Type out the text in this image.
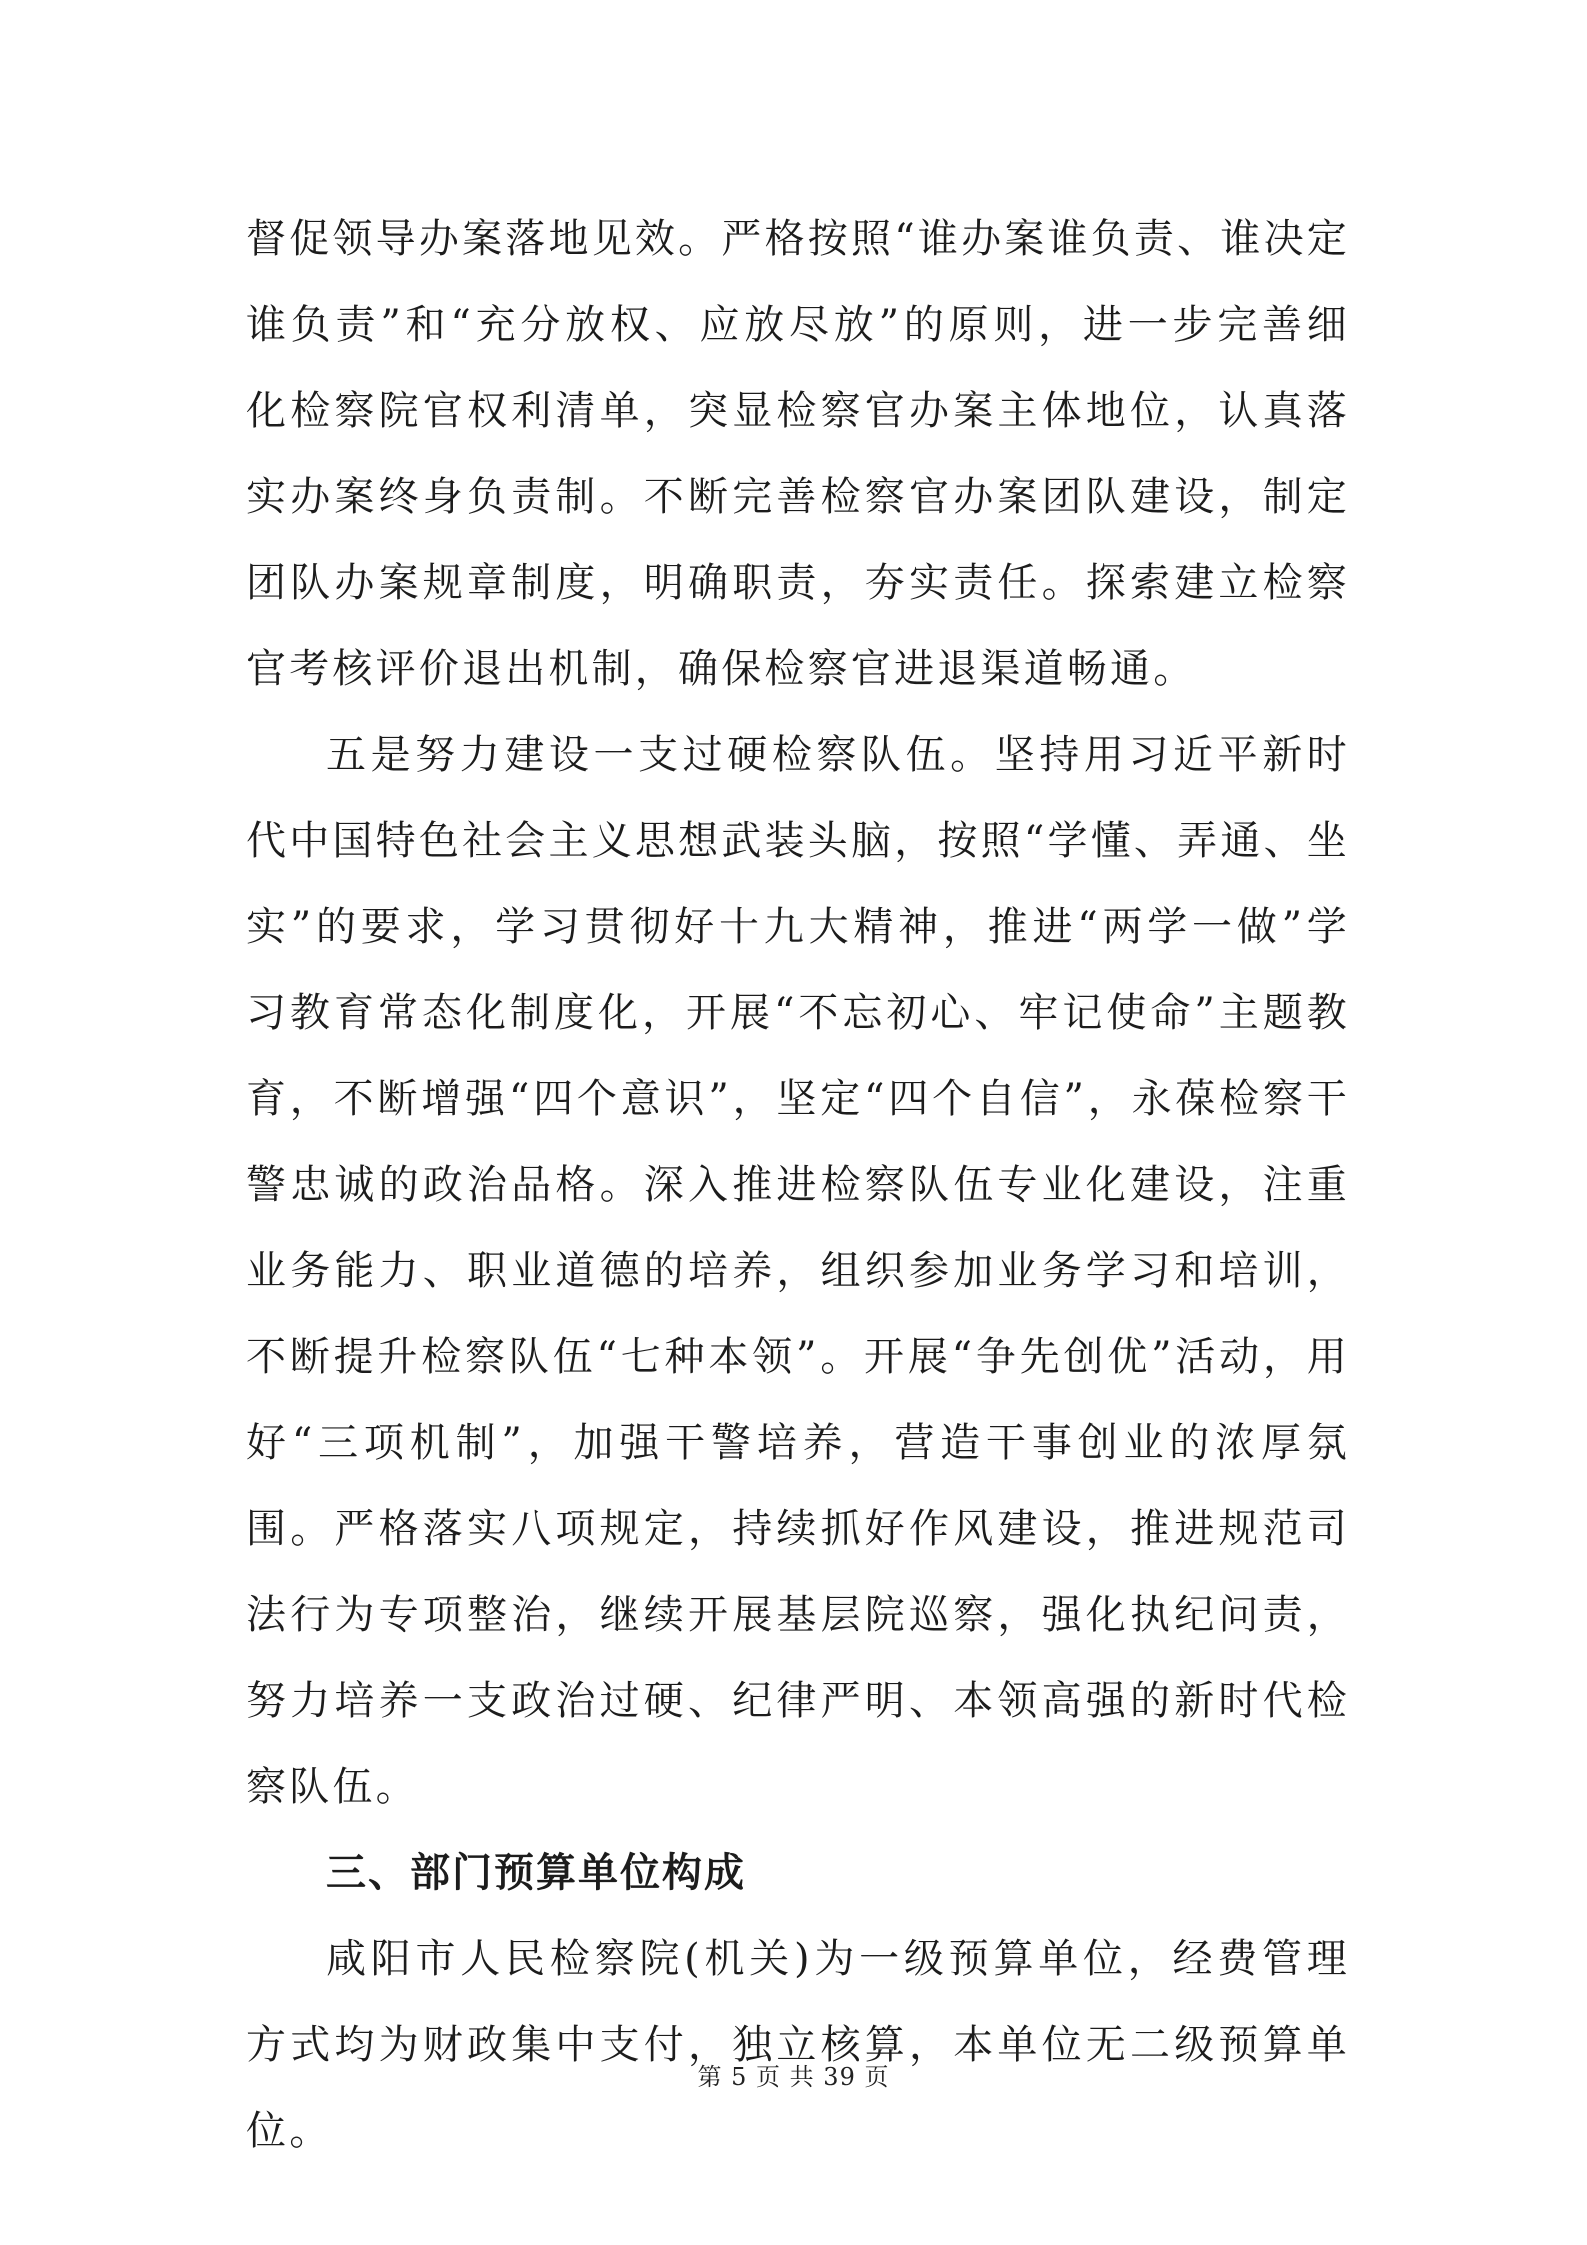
督促领导办案落地见效。严格按照“谁办案谁负责、谁决定谁负责”和“充分放权、应放尽放”的原则，进一步完善细化检察院官权利清单，突显检察官办案主体地位，认真落实办案终身负责制。不断完善检察官办案团队建设，制定团队办案规章制度，明确职责，夯实责任。探索建立检察官考核评价退出机制，确保检察官进退渠道畅通。

五是努力建设一支过硬检察队伍。坚持用习近平新时代中国特色社会主义思想武装头脑，按照“学懂、弄通、坐实”的要求，学习贯彻好十九大精神，推进“两学一做”学习教育常态化制度化，开展“不忘初心、牢记使命”主题教育，不断增强“四个意识”，坚定“四个自信”，永葆检察干警忠诚的政治品格。深入推进检察队伍专业化建设，注重业务能力、职业道德的培养，组织参加业务学习和培训，不断提升检察队伍“七种本领”。开展“争先创优”活动，用好“三项机制”，加强干警培养，营造干事创业的浓厚氛围。严格落实八项规定，持续抓好作风建设，推进规范司法行为专项整治，继续开展基层院巡察，强化执纪问责，努力培养一支政治过硬、纪律严明、本领高强的新时代检察队伍。

三、部门预算单位构成

咸阳市人民检察院(机关)为一级预算单位，经费管理方式均为财政集中支付，独立核算，本单位无二级预算单位。

第 5 页 共 39 页
